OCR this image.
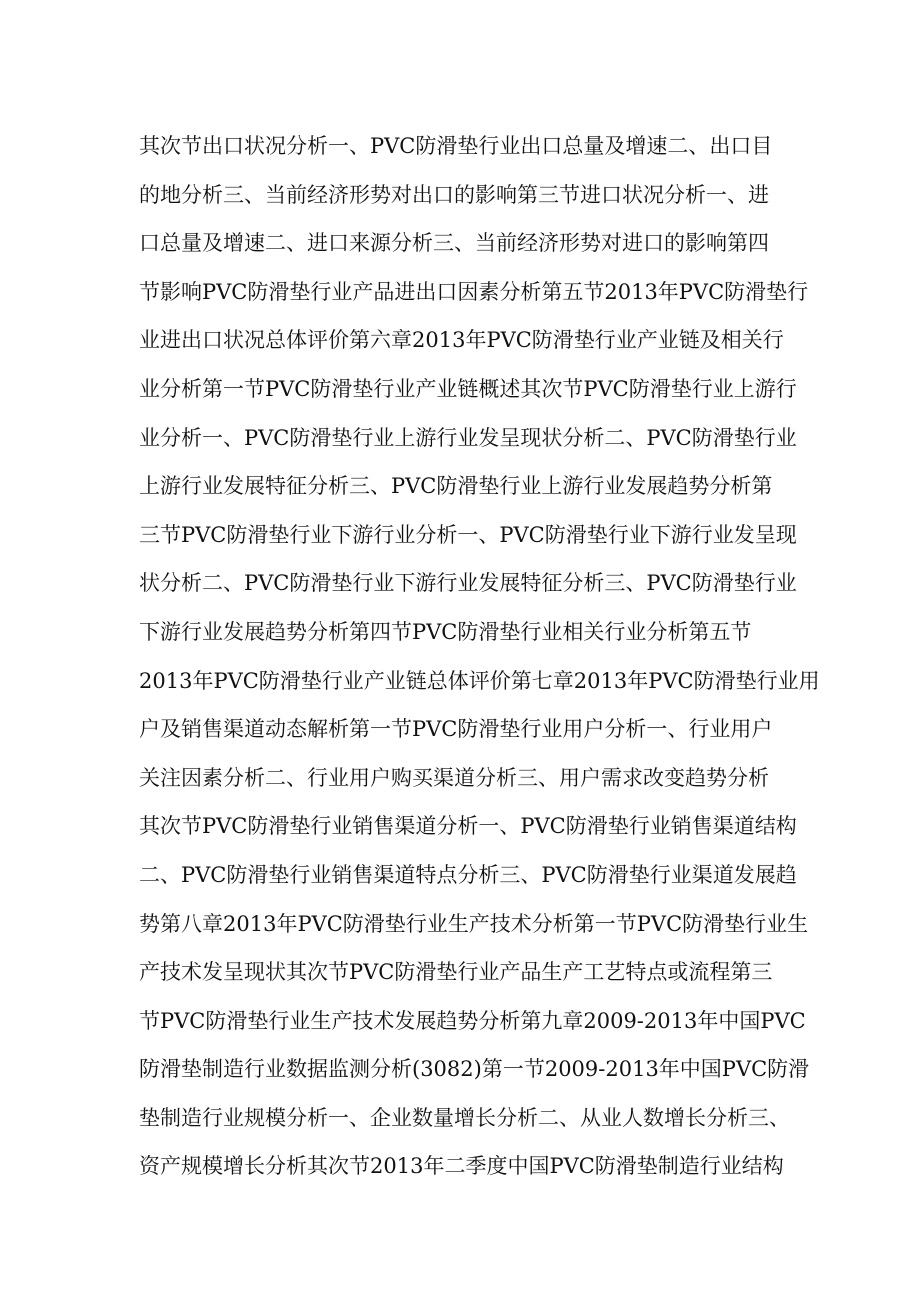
其次节出口状况分析一、PVC防滑垫行业出口总量及增速二、出口目
的地分析三、当前经济形势对出口的影响第三节进口状况分析一、进
口总量及增速二、进口来源分析三、当前经济形势对进口的影响第四
节影响PVC防滑垫行业产品进出口因素分析第五节2013年PVC防滑垫行
业进出口状况总体评价第六章2013年PVC防滑垫行业产业链及相关行
业分析第一节PVC防滑垫行业产业链概述其次节PVC防滑垫行业上游行
业分析一、PVC防滑垫行业上游行业发呈现状分析二、PVC防滑垫行业
上游行业发展特征分析三、PVC防滑垫行业上游行业发展趋势分析第
三节PVC防滑垫行业下游行业分析一、PVC防滑垫行业下游行业发呈现
状分析二、PVC防滑垫行业下游行业发展特征分析三、PVC防滑垫行业
下游行业发展趋势分析第四节PVC防滑垫行业相关行业分析第五节
2013年PVC防滑垫行业产业链总体评价第七章2013年PVC防滑垫行业用
户及销售渠道动态解析第一节PVC防滑垫行业用户分析一、行业用户
关注因素分析二、行业用户购买渠道分析三、用户需求改变趋势分析
其次节PVC防滑垫行业销售渠道分析一、PVC防滑垫行业销售渠道结构
二、PVC防滑垫行业销售渠道特点分析三、PVC防滑垫行业渠道发展趋
势第八章2013年PVC防滑垫行业生产技术分析第一节PVC防滑垫行业生
产技术发呈现状其次节PVC防滑垫行业产品生产工艺特点或流程第三
节PVC防滑垫行业生产技术发展趋势分析第九章2009-2013年中国PVC
防滑垫制造行业数据监测分析(3082)第一节2009-2013年中国PVC防滑
垫制造行业规模分析一、企业数量增长分析二、从业人数增长分析三、
资产规模增长分析其次节2013年二季度中国PVC防滑垫制造行业结构
